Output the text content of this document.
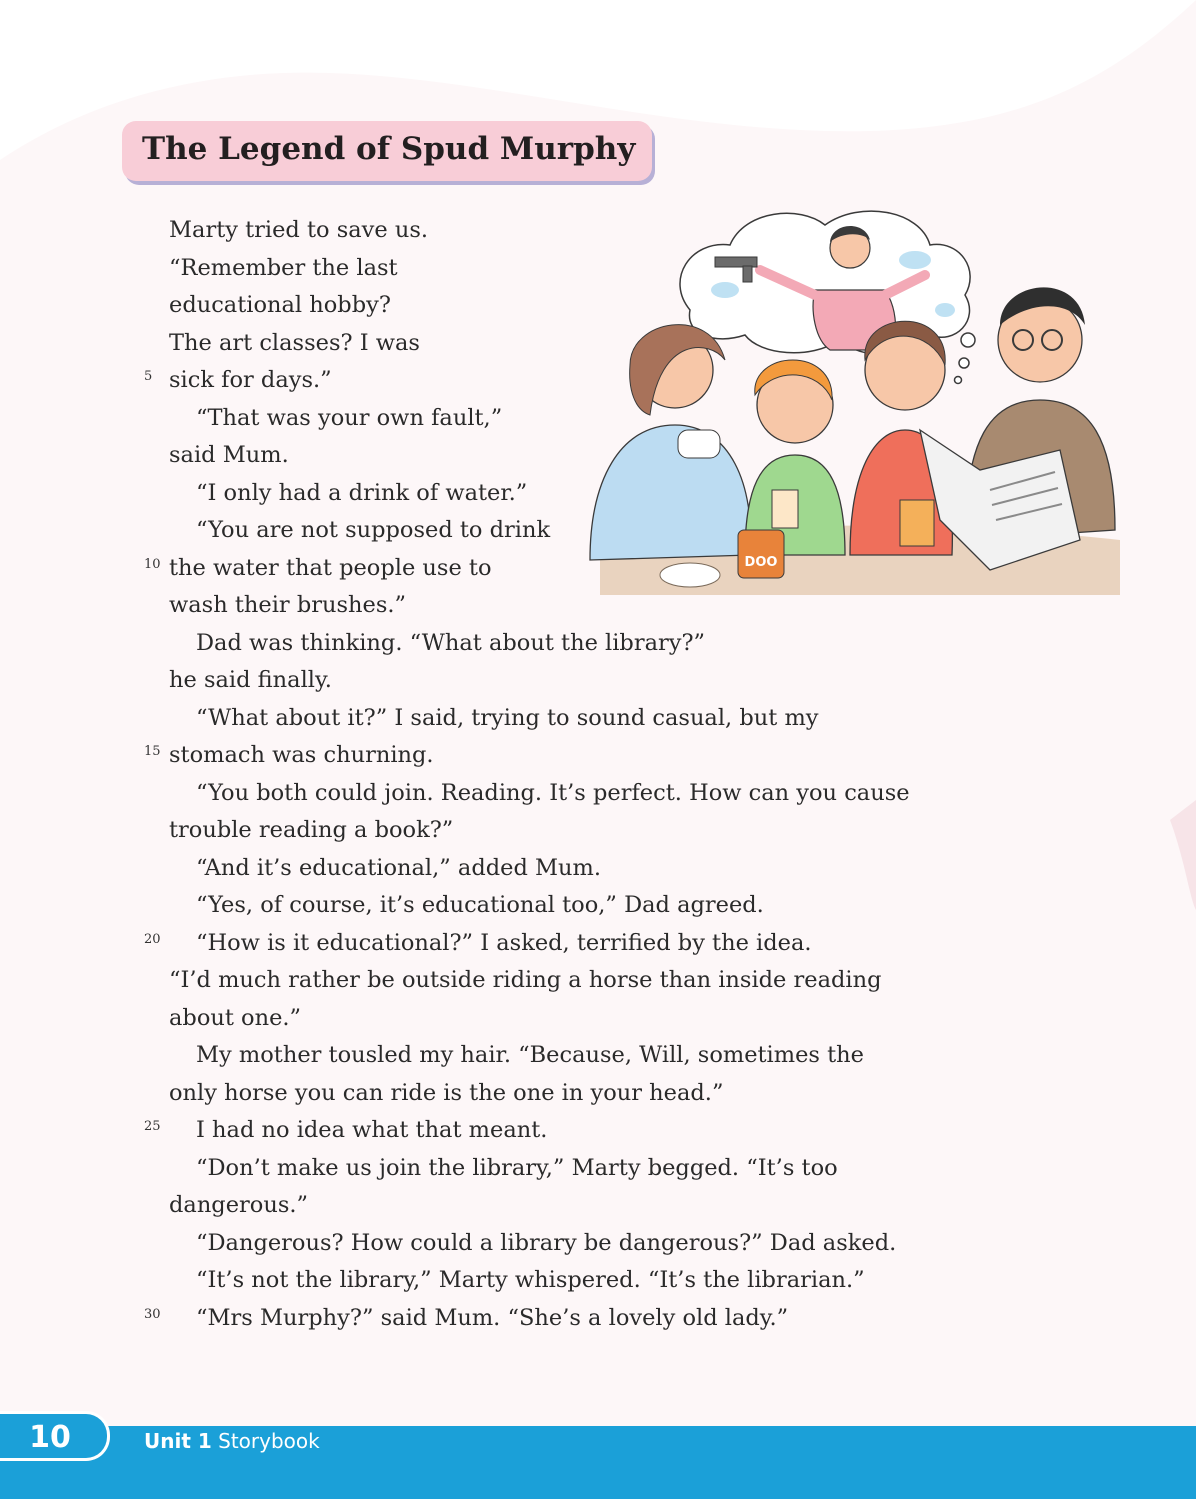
The Legend of Spud Murphy
DOO
Marty tried to save us.
“Remember the last
educational hobby?
The art classes? I was
sick for days.”
“That was your own fault,”
said Mum.
“I only had a drink of water.”
“You are not supposed to drink
the water that people use to
wash their brushes.”
Dad was thinking. “What about the library?”
he said finally.
“What about it?” I said, trying to sound casual, but my
stomach was churning.
“You both could join. Reading. It’s perfect. How can you cause
trouble reading a book?”
“And it’s educational,” added Mum.
“Yes, of course, it’s educational too,” Dad agreed.
“How is it educational?” I asked, terrified by the idea.
“I’d much rather be outside riding a horse than inside reading
about one.”
My mother tousled my hair. “Because, Will, sometimes the
only horse you can ride is the one in your head.”
I had no idea what that meant.
“Don’t make us join the library,” Marty begged. “It’s too
dangerous.”
“Dangerous? How could a library be dangerous?” Dad asked.
“It’s not the library,” Marty whispered. “It’s the librarian.”
“Mrs Murphy?” said Mum. “She’s a lovely old lady.”
5
10
15
20
25
30
10	Unit 1 Storybook
